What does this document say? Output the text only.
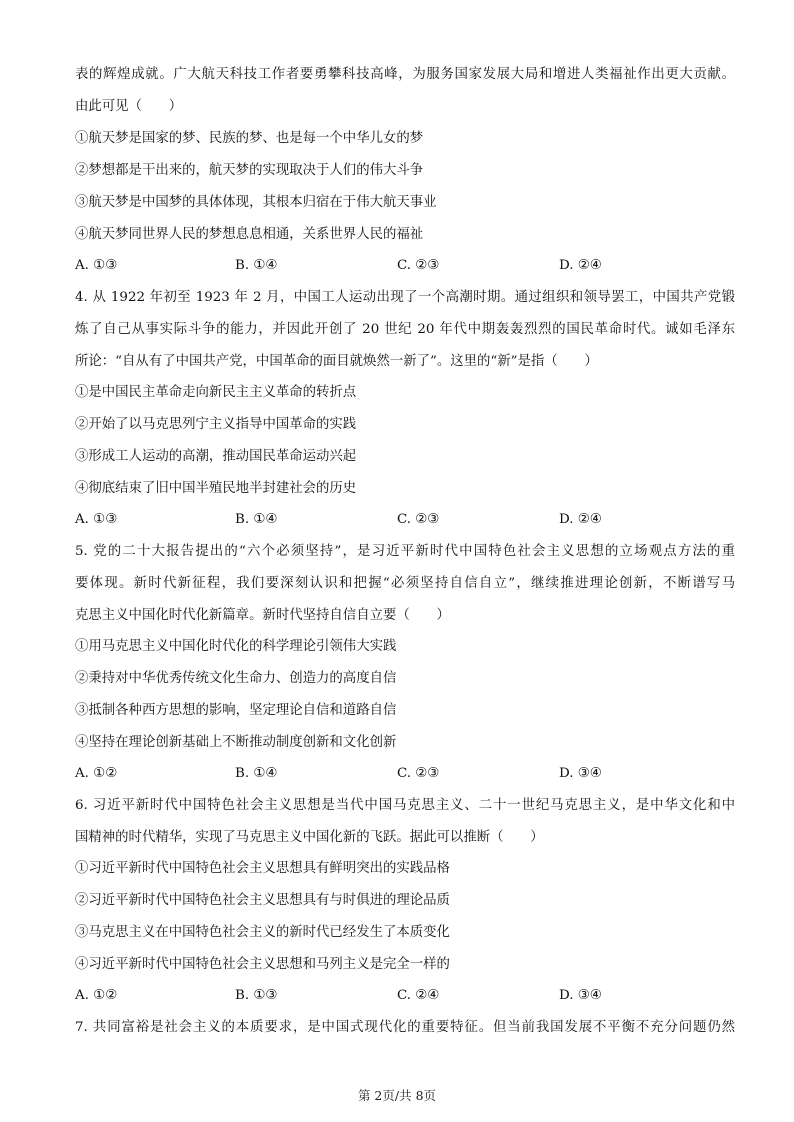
表的辉煌成就。广大航天科技工作者要勇攀科技高峰，为服务国家发展大局和增进人类福祉作出更大贡献。
由此可见（　　）
①航天梦是国家的梦、民族的梦、也是每一个中华儿女的梦
②梦想都是干出来的，航天梦的实现取决于人们的伟大斗争
③航天梦是中国梦的具体体现，其根本归宿在于伟大航天事业
④航天梦同世界人民的梦想息息相通，关系世界人民的福祉
A. ①③	B. ①④	C. ②③	D. ②④
4. 从 1922 年初至 1923 年 2 月，中国工人运动出现了一个高潮时期。通过组织和领导罢工，中国共产党锻
炼了自己从事实际斗争的能力，并因此开创了 20 世纪 20 年代中期轰轰烈烈的国民革命时代。诚如毛泽东
所论：“自从有了中国共产党，中国革命的面目就焕然一新了”。这里的“新”是指（　　）
①是中国民主革命走向新民主主义革命的转折点
②开始了以马克思列宁主义指导中国革命的实践
③形成工人运动的高潮，推动国民革命运动兴起
④彻底结束了旧中国半殖民地半封建社会的历史
A. ①③	B. ①④	C. ②③	D. ②④
5. 党的二十大报告提出的“六个必须坚持”，是习近平新时代中国特色社会主义思想的立场观点方法的重
要体现。新时代新征程，我们要深刻认识和把握“必须坚持自信自立”，继续推进理论创新，不断谱写马
克思主义中国化时代化新篇章。新时代坚持自信自立要（　　）
①用马克思主义中国化时代化的科学理论引领伟大实践
②秉持对中华优秀传统文化生命力、创造力的高度自信
③抵制各种西方思想的影响，坚定理论自信和道路自信
④坚持在理论创新基础上不断推动制度创新和文化创新
A. ①②	B. ①④	C. ②③	D. ③④
6. 习近平新时代中国特色社会主义思想是当代中国马克思主义、二十一世纪马克思主义，是中华文化和中
国精神的时代精华，实现了马克思主义中国化新的飞跃。据此可以推断（　　）
①习近平新时代中国特色社会主义思想具有鲜明突出的实践品格
②习近平新时代中国特色社会主义思想具有与时俱进的理论品质
③马克思主义在中国特色社会主义的新时代已经发生了本质变化
④习近平新时代中国特色社会主义思想和马列主义是完全一样的
A. ①②	B. ①③	C. ②④	D. ③④
7. 共同富裕是社会主义的本质要求，是中国式现代化的重要特征。但当前我国发展不平衡不充分问题仍然
第 2页/共 8页
